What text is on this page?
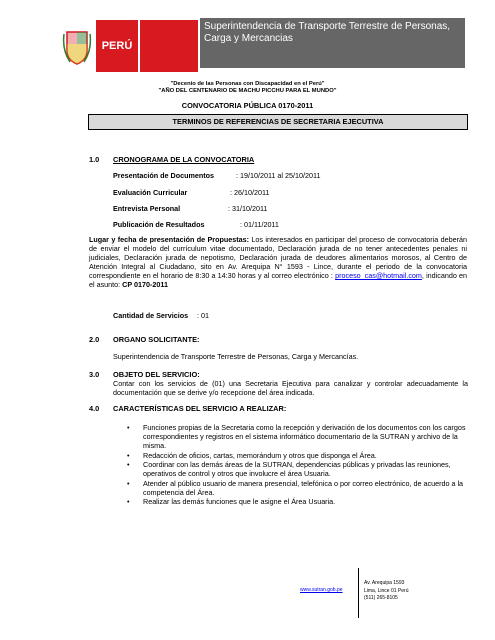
PERÚ
Superintendencia de Transporte Terrestre de Personas, Carga y Mercancias
"Decenio de las Personas con Discapacidad en el Perú"
"AÑO DEL CENTENARIO DE MACHU PICCHU PARA EL MUNDO"
CONVOCATORIA PÚBLICA 0170-2011
TERMINOS DE REFERENCIAS DE SECRETARIA EJECUTIVA
1.0 CRONOGRAMA DE LA CONVOCATORIA
Presentación de Documentos	: 19/10/2011 al 25/10/2011
Evaluación Curricular	: 26/10/2011
Entrevista Personal	: 31/10/2011
Publicación de Resultados	: 01/11/2011
Lugar y fecha de presentación de Propuestas: Los interesados en participar del proceso de convocatoria deberán de enviar el modelo del currículum vitae documentado, Declaración jurada de no tener antecedentes penales ni judiciales, Declaración jurada de nepotismo, Declaración jurada de deudores alimentarios morosos, al Centro de Atención Integral al Ciudadano, sito en Av. Arequipa N° 1593 - Lince, durante el periodo de la convocatoria correspondiente en el horario de 8:30 a 14:30 horas y al correo electrónico : proceso_cas@hotmail.com, indicando en el asunto: CP 0170-2011
Cantidad de Servicios : 01
2.0 ORGANO SOLICITANTE:
Superintendencia de Transporte Terrestre de Personas, Carga y Mercancías.
3.0 OBJETO DEL SERVICIO:
Contar con los servicios de (01) una Secretaria Ejecutiva para canalizar y controlar adecuadamente la documentación que se derive y/o recepcione del área indicada.
4.0 CARACTERÍSTICAS DEL SERVICIO A REALIZAR:
• Funciones propias de la Secretaria como la recepción y derivación de los documentos con los cargos correspondientes y registros en el sistema informático documentario de la SUTRAN y archivo de la misma.
• Redacción de oficios, cartas, memorándum y otros que disponga el Área.
• Coordinar con las demás áreas de la SUTRAN, dependencias públicas y privadas las reuniones, operativos de control y otros que involucre el área Usuaria.
• Atender al público usuario de manera presencial, telefónica o por correo electrónico, de acuerdo a la competencia del Área.
• Realizar las demás funciones que le asigne el Área Usuaria.
www.sutran.gob.pe
Av. Arequipa 1593
Lima, Lince 01 Perú
(511) 265-8105
